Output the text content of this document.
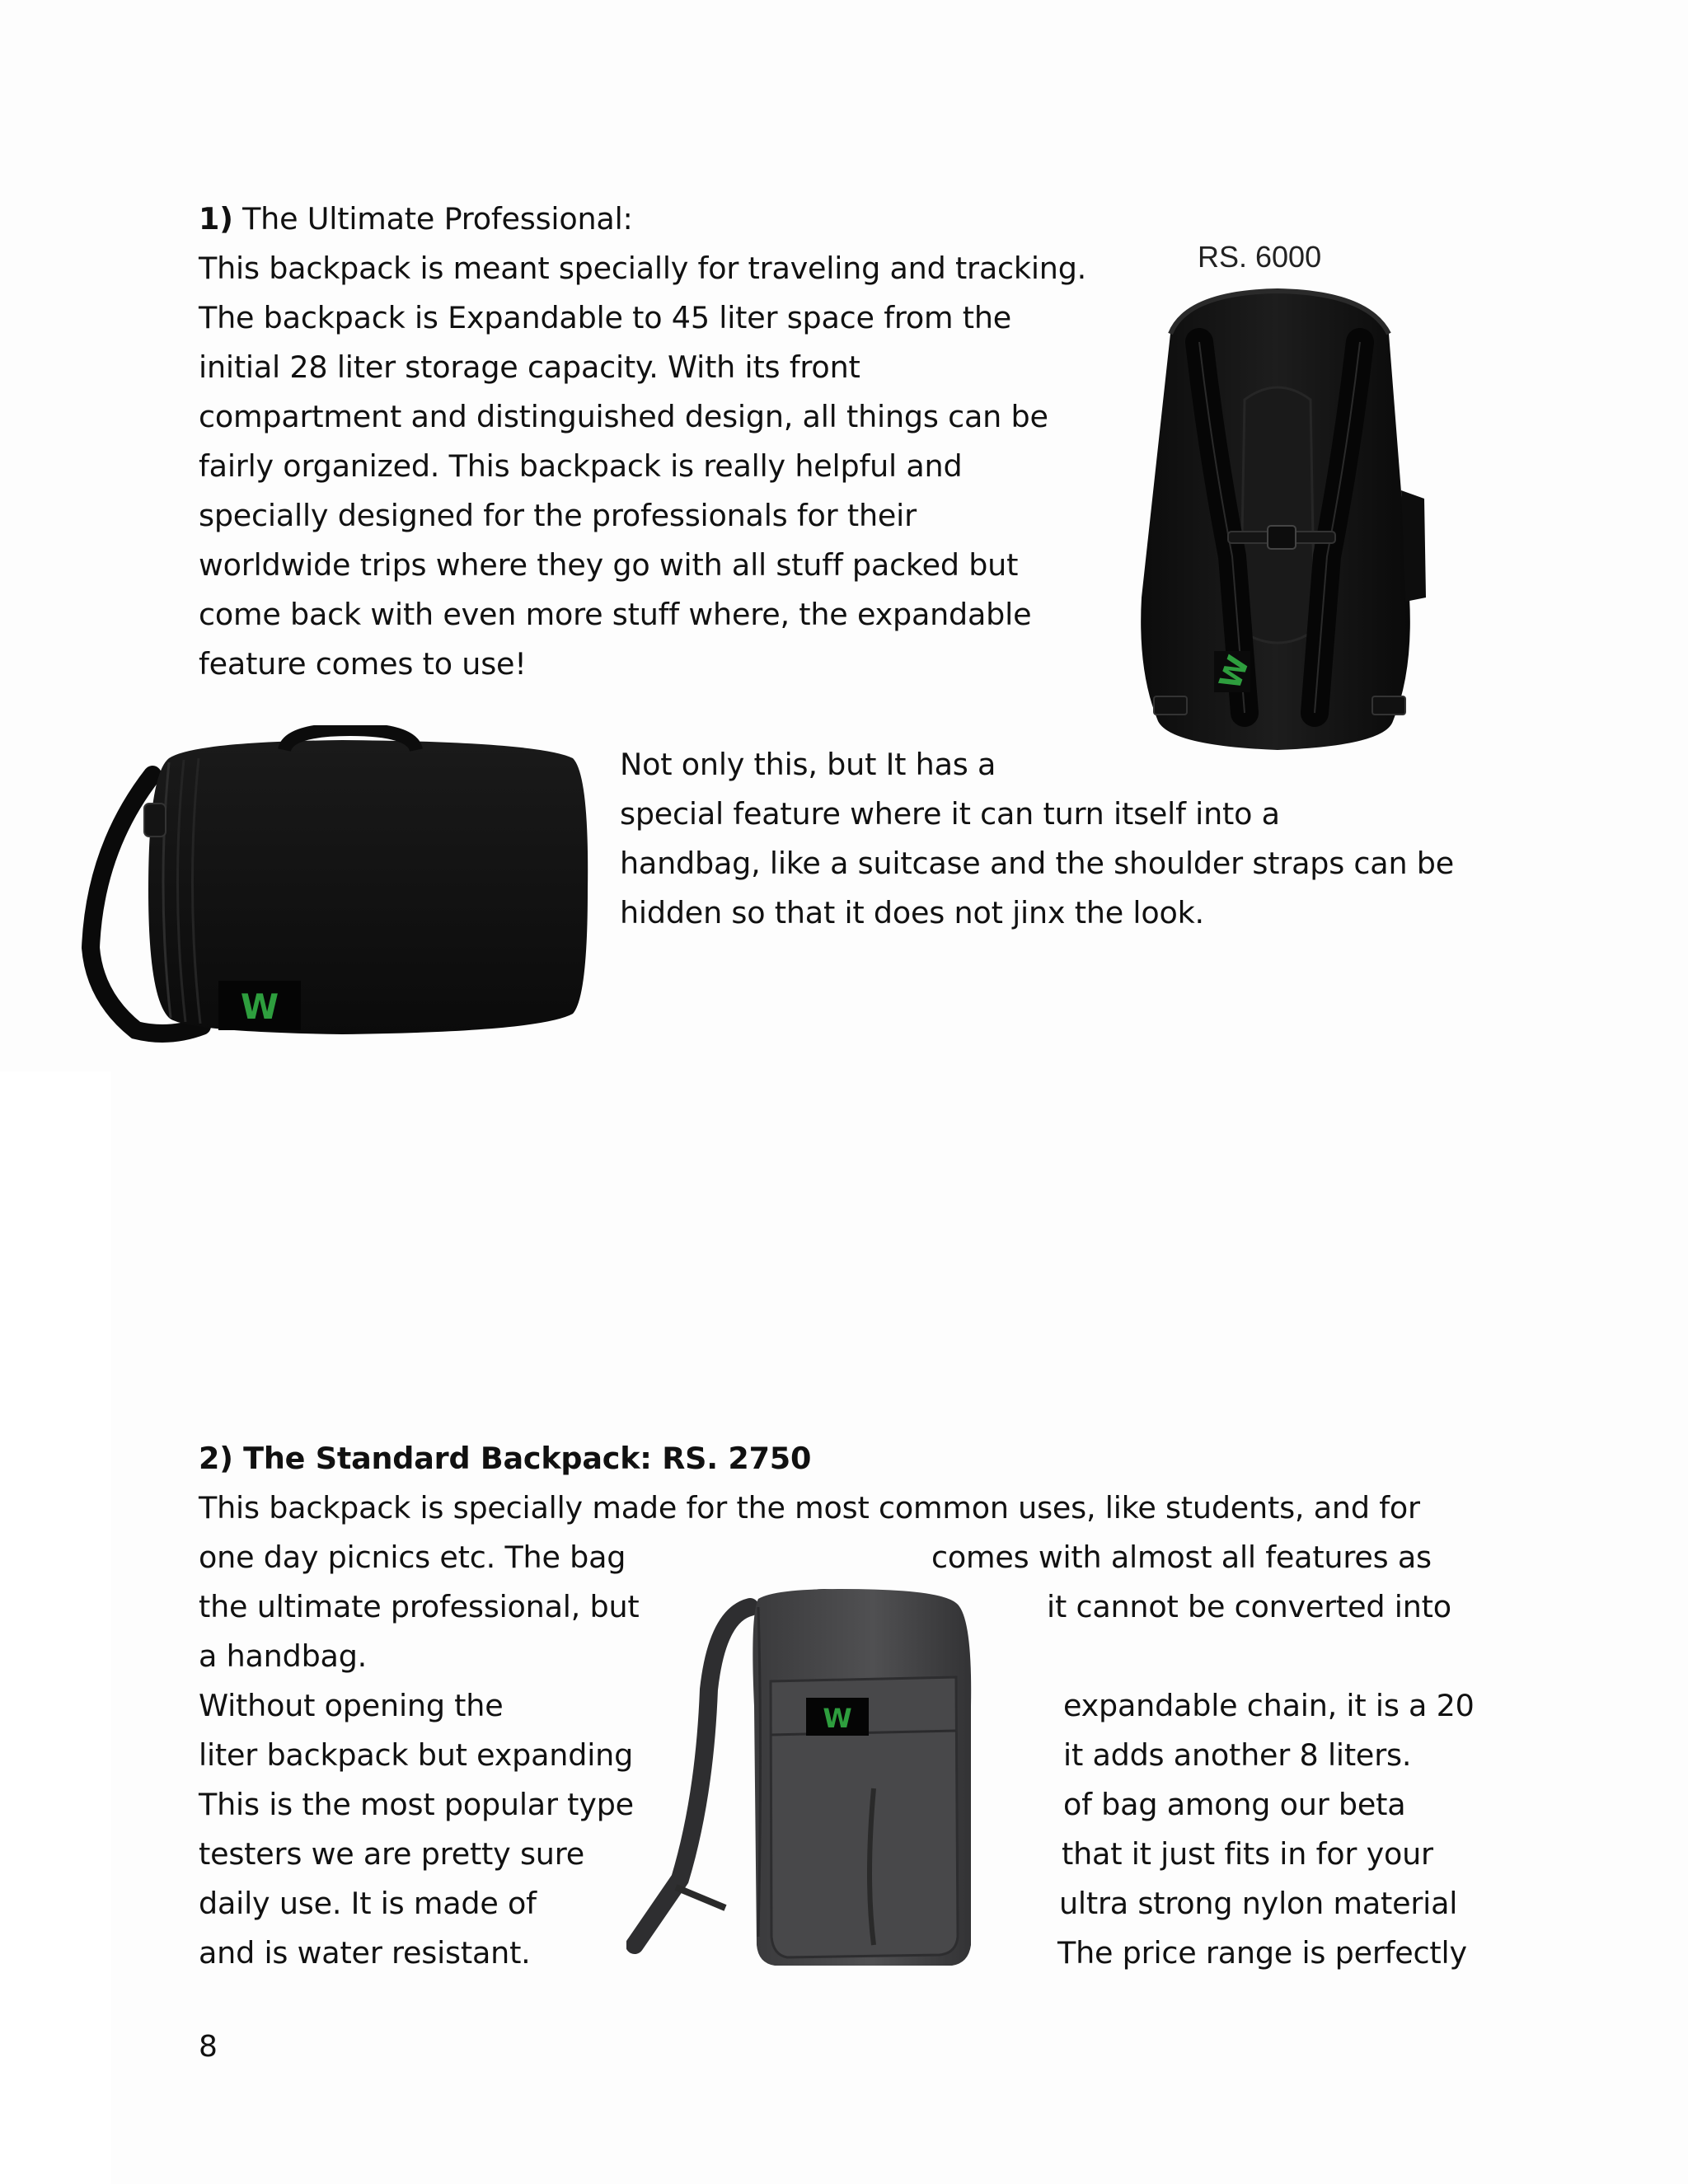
1) The Ultimate Professional:
This backpack is meant specially for traveling and tracking.
The backpack is Expandable to 45 liter space from the
initial 28 liter storage capacity. With its front
compartment and distinguished design, all things can be
fairly organized. This backpack is really helpful and
specially designed for the professionals for their
worldwide trips where they go with all stuff packed but
come back with even more stuff where, the expandable
feature comes to use!
RS. 6000
W
W
Not only this, but It has a
special feature where it can turn itself into a
handbag, like a suitcase and the shoulder straps can be
hidden so that it does not jinx the look.
2) The Standard Backpack: RS. 2750
This backpack is specially made for the most common uses, like students, and for
one day picnics etc. The bag
the ultimate professional, but
a handbag.
Without opening the
liter backpack but expanding
This is the most popular type
testers we are pretty sure
daily use. It is made of
and is water resistant.
comes with almost all features as
it cannot be converted into
expandable chain, it is a 20
it adds another 8 liters.
of bag among our beta
that it just fits in for your
ultra strong nylon material
The price range is perfectly
W
8
